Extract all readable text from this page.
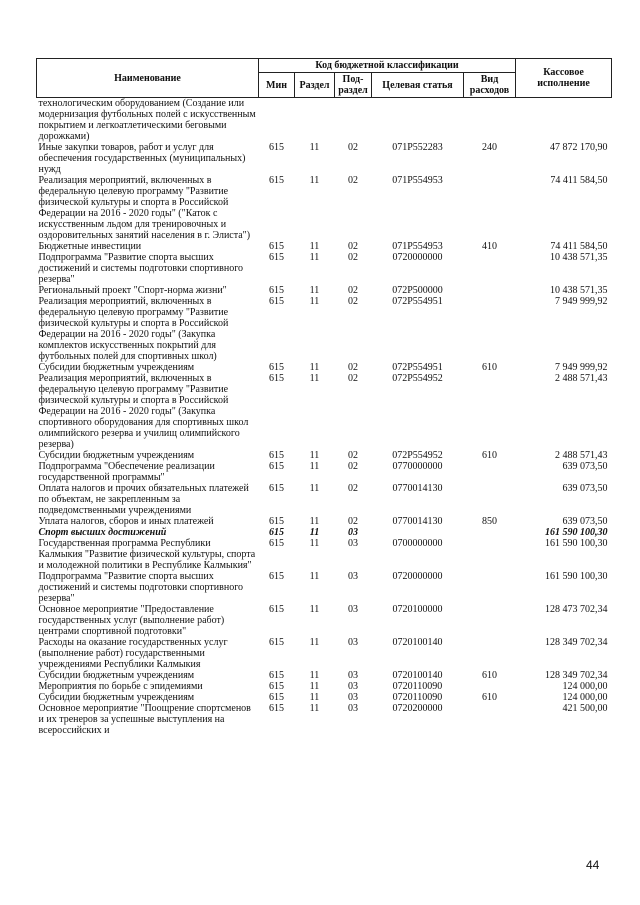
Наименование	Код бюджетной классификации					Кассовое исполнение
	Мин	Раздел	Под-раздел	Целевая статья	Вид расходов	
технологическим оборудованием (Создание или модернизация футбольных полей с искусственным покрытием и легкоатлетическими беговыми дорожками)						
Иные закупки товаров, работ и услуг для обеспечения государственных (муниципальных) нужд	615	11	02	071P552283	240	47 872 170,90
Реализация мероприятий, включенных в федеральную целевую программу "Развитие физической культуры и спорта в Российской Федерации на 2016 - 2020 годы" ("Каток с искусственным льдом для тренировочных и оздоровительных занятий населения в г. Элиста")	615	11	02	071P554953		74 411 584,50
Бюджетные инвестиции	615	11	02	071P554953	410	74 411 584,50
Подпрограмма "Развитие спорта высших достижений и системы подготовки спортивного резерва"	615	11	02	0720000000		10 438 571,35
Региональный проект "Спорт-норма жизни"	615	11	02	072P500000		10 438 571,35
Реализация мероприятий, включенных в федеральную целевую программу "Развитие физической культуры и спорта в Российской Федерации на 2016 - 2020 годы" (Закупка комплектов искусственных покрытий для футбольных полей для спортивных школ)	615	11	02	072P554951		7 949 999,92
Субсидии бюджетным учреждениям	615	11	02	072P554951	610	7 949 999,92
Реализация мероприятий, включенных в федеральную целевую программу "Развитие физической культуры и спорта в Российской Федерации на 2016 - 2020 годы" (Закупка спортивного оборудования для спортивных школ олимпийского резерва и училищ олимпийского резерва)	615	11	02	072P554952		2 488 571,43
Субсидии бюджетным учреждениям	615	11	02	072P554952	610	2 488 571,43
Подпрограмма "Обеспечение реализации государственной программы"	615	11	02	0770000000		639 073,50
Оплата налогов и прочих обязательных платежей по объектам, не закрепленным за подведомственными учреждениями	615	11	02	0770014130		639 073,50
Уплата налогов, сборов и иных платежей	615	11	02	0770014130	850	639 073,50
Спорт высших достижений	615	11	03			161 590 100,30
Государственная программа Республики Калмыкия "Развитие физической культуры, спорта и молодежной политики в Республике Калмыкия"	615	11	03	0700000000		161 590 100,30
Подпрограмма "Развитие спорта высших достижений и системы подготовки спортивного резерва"	615	11	03	0720000000		161 590 100,30
Основное мероприятие "Предоставление государственных услуг (выполнение работ) центрами спортивной подготовки"	615	11	03	0720100000		128 473 702,34
Расходы на оказание государственных услуг (выполнение работ) государственными учреждениями Республики Калмыкия	615	11	03	0720100140		128 349 702,34
Субсидии бюджетным учреждениям	615	11	03	0720100140	610	128 349 702,34
Мероприятия по борьбе с эпидемиями	615	11	03	0720110090		124 000,00
Субсидии бюджетным учреждениям	615	11	03	0720110090	610	124 000,00
Основное мероприятие "Поощрение спортсменов и их тренеров за успешные выступления на всероссийских и	615	11	03	0720200000		421 500,00
44
